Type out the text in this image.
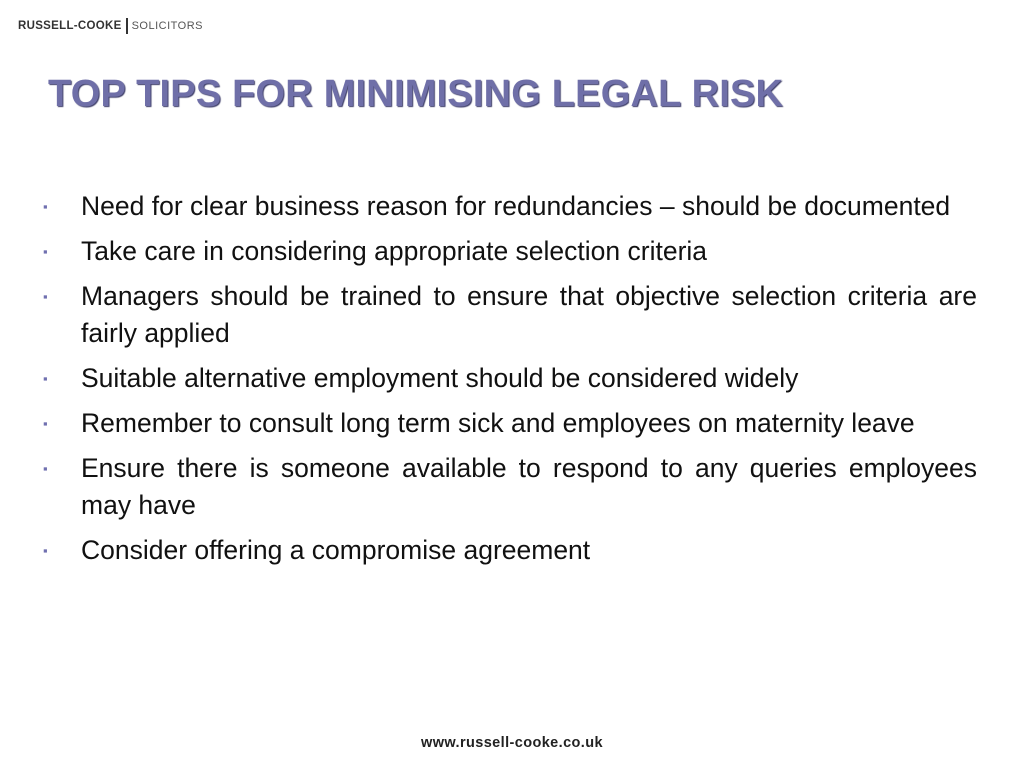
RUSSELL-COOKE SOLICITORS
TOP TIPS FOR MINIMISING LEGAL RISK
▪	Need for clear business reason for redundancies – should be documented
▪	Take care in considering appropriate selection criteria
▪	Managers should be trained to ensure that objective selection criteria are fairly applied
▪	Suitable alternative employment should be considered widely
▪	Remember to consult long term sick and employees on maternity leave
▪	Ensure there is someone available to respond to any queries employees may have
▪	Consider offering a compromise agreement
www.russell-cooke.co.uk
